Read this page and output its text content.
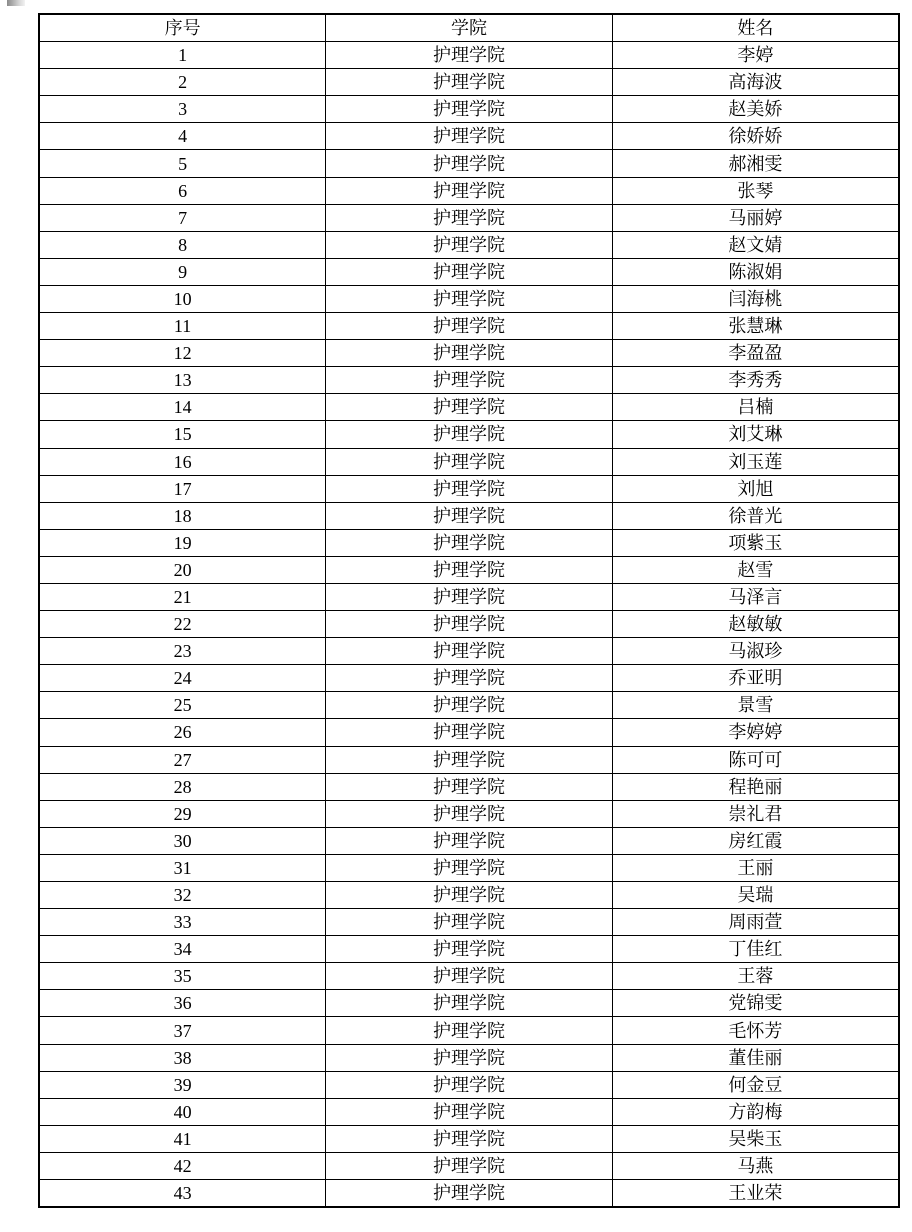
序号	学院	姓名
1	护理学院	李婷
2	护理学院	高海波
3	护理学院	赵美娇
4	护理学院	徐娇娇
5	护理学院	郝湘雯
6	护理学院	张琴
7	护理学院	马丽婷
8	护理学院	赵文婧
9	护理学院	陈淑娟
10	护理学院	闫海桃
11	护理学院	张慧琳
12	护理学院	李盈盈
13	护理学院	李秀秀
14	护理学院	吕楠
15	护理学院	刘艾琳
16	护理学院	刘玉莲
17	护理学院	刘旭
18	护理学院	徐普光
19	护理学院	项紫玉
20	护理学院	赵雪
21	护理学院	马泽言
22	护理学院	赵敏敏
23	护理学院	马淑珍
24	护理学院	乔亚明
25	护理学院	景雪
26	护理学院	李婷婷
27	护理学院	陈可可
28	护理学院	程艳丽
29	护理学院	崇礼君
30	护理学院	房红霞
31	护理学院	王丽
32	护理学院	吴瑞
33	护理学院	周雨萱
34	护理学院	丁佳红
35	护理学院	王蓉
36	护理学院	党锦雯
37	护理学院	毛怀芳
38	护理学院	董佳丽
39	护理学院	何金豆
40	护理学院	方韵梅
41	护理学院	吴柴玉
42	护理学院	马燕
43	护理学院	王业荣
